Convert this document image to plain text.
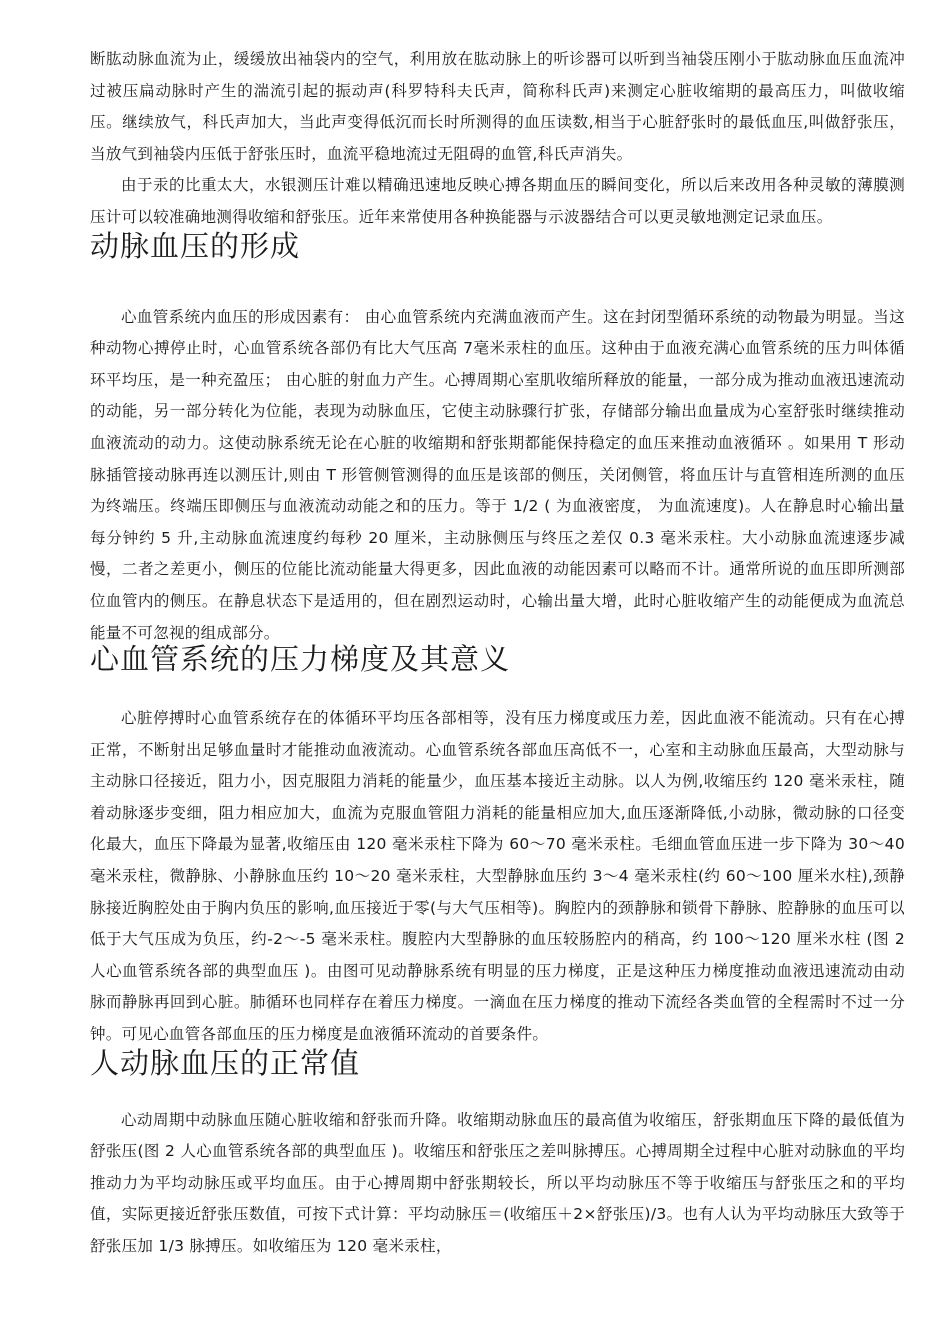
断肱动脉血流为止，缓缓放出袖袋内的空气，利用放在肱动脉上的听诊器可以听到当袖袋压刚小于肱动脉血压血流冲过被压扁动脉时产生的湍流引起的振动声(科罗特科夫氏声，简称科氏声)来测定心脏收缩期的最高压力，叫做收缩压。继续放气，科氏声加大，当此声变得低沉而长时所测得的血压读数,相当于心脏舒张时的最低血压,叫做舒张压，当放气到袖袋内压低于舒张压时，血流平稳地流过无阻碍的血管,科氏声消失。

由于汞的比重太大，水银测压计难以精确迅速地反映心搏各期血压的瞬间变化，所以后来改用各种灵敏的薄膜测压计可以较准确地测得收缩和舒张压。近年来常使用各种换能器与示波器结合可以更灵敏地测定记录血压。

动脉血压的形成

心血管系统内血压的形成因素有： 由心血管系统内充满血液而产生。这在封闭型循环系统的动物最为明显。当这种动物心搏停止时，心血管系统各部仍有比大气压高 7毫米汞柱的血压。这种由于血液充满心血管系统的压力叫体循环平均压，是一种充盈压； 由心脏的射血力产生。心搏周期心室肌收缩所释放的能量，一部分成为推动血液迅速流动的动能，另一部分转化为位能，表现为动脉血压，它使主动脉骤行扩张，存储部分输出血量成为心室舒张时继续推动血液流动的动力。这使动脉系统无论在心脏的收缩期和舒张期都能保持稳定的血压来推动血液循环 。如果用 T 形动脉插管接动脉再连以测压计,则由 T 形管侧管测得的血压是该部的侧压，关闭侧管，将血压计与直管相连所测的血压为终端压。终端压即侧压与血液流动动能之和的压力。等于 1/2 ( 为血液密度， 为血流速度)。人在静息时心输出量每分钟约 5 升,主动脉血流速度约每秒 20 厘米，主动脉侧压与终压之差仅 0.3 毫米汞柱。大小动脉血流速逐步减慢，二者之差更小，侧压的位能比流动能量大得更多，因此血液的动能因素可以略而不计。通常所说的血压即所测部位血管内的侧压。在静息状态下是适用的，但在剧烈运动时，心输出量大增，此时心脏收缩产生的动能便成为血流总能量不可忽视的组成部分。

心血管系统的压力梯度及其意义

心脏停搏时心血管系统存在的体循环平均压各部相等，没有压力梯度或压力差，因此血液不能流动。只有在心搏正常，不断射出足够血量时才能推动血液流动。心血管系统各部血压高低不一，心室和主动脉血压最高，大型动脉与主动脉口径接近，阻力小，因克服阻力消耗的能量少，血压基本接近主动脉。以人为例,收缩压约 120 毫米汞柱，随着动脉逐步变细，阻力相应加大，血流为克服血管阻力消耗的能量相应加大,血压逐渐降低,小动脉，微动脉的口径变化最大，血压下降最为显著,收缩压由 120 毫米汞柱下降为 60～70 毫米汞柱。毛细血管血压进一步下降为 30～40 毫米汞柱，微静脉、小静脉血压约 10～20 毫米汞柱，大型静脉血压约 3～4 毫米汞柱(约 60～100 厘米水柱),颈静脉接近胸腔处由于胸内负压的影响,血压接近于零(与大气压相等)。胸腔内的颈静脉和锁骨下静脉、腔静脉的血压可以低于大气压成为负压，约-2～-5 毫米汞柱。腹腔内大型静脉的血压较肠腔内的稍高，约 100～120 厘米水柱 (图 2 人心血管系统各部的典型血压 )。由图可见动静脉系统有明显的压力梯度，正是这种压力梯度推动血液迅速流动由动脉而静脉再回到心脏。肺循环也同样存在着压力梯度。一滴血在压力梯度的推动下流经各类血管的全程需时不过一分钟。可见心血管各部血压的压力梯度是血液循环流动的首要条件。

人动脉血压的正常值

心动周期中动脉血压随心脏收缩和舒张而升降。收缩期动脉血压的最高值为收缩压，舒张期血压下降的最低值为舒张压(图 2 人心血管系统各部的典型血压 )。收缩压和舒张压之差叫脉搏压。心搏周期全过程中心脏对动脉血的平均推动力为平均动脉压或平均血压。由于心搏周期中舒张期较长，所以平均动脉压不等于收缩压与舒张压之和的平均值，实际更接近舒张压数值，可按下式计算：平均动脉压＝(收缩压＋2×舒张压)/3。也有人认为平均动脉压大致等于舒张压加 1/3 脉搏压。如收缩压为 120 毫米汞柱，
